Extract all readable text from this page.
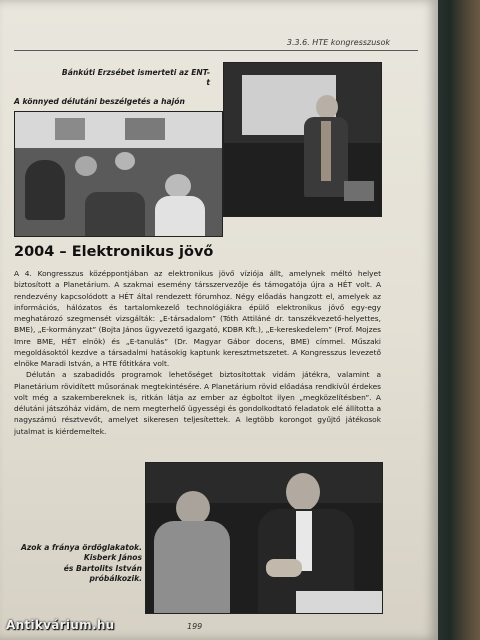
3.3.6. HTE kongresszusok
Bánkúti Erzsébet ismerteti az ENT-t
A könnyed délutáni beszélgetés a hajón
2004 – Elektronikus jövő

A 4. Kongresszus középpontjában az elektronikus jövő víziója állt, amelynek méltó helyet biztosított a Planetárium. A szakmai esemény társszervezője és támogatója újra a HÉT volt. A rendezvény kapcsolódott a HÉT által rendezett fórumhoz. Négy előadás hangzott el, amelyek az információs, hálózatos és tartalomkezelő technológiákra épülő elektronikus jövő egy-egy meghatározó szegmensét vizsgálták: „E-társadalom” (Tóth Attiláné dr. tanszékvezető-helyettes, BME), „E-kormányzat” (Bojta János ügyvezető igazgató, KDBR Kft.), „E-kereskedelem” (Prof. Mojzes Imre BME, HÉT elnök) és „E-tanulás” (Dr. Magyar Gábor docens, BME) címmel. Műszaki megoldásoktól kezdve a társadalmi hatásokig kaptunk keresztmetszetet. A Kongresszus levezető elnöke Maradi István, a HTE főtitkára volt.

Délután a szabadidős programok lehetőséget biztosítottak vidám játékra, valamint a Planetárium rövidített műsorának megtekintésére. A Planetárium rövid előadása rendkívül érdekes volt még a szakembereknek is, ritkán látja az ember az égboltot ilyen „megközelítésben”. A délutáni játszóház vidám, de nem megterhelő ügyességi és gondolkodtató feladatok elé állította a nagyszámú résztvevőt, amelyet sikeresen teljesítettek. A legtöbb korongot gyűjtő játékosok jutalmat is kiérdemeltek.

Azok a fránya ördöglakatok.
Kisberk János
és Bartolits István próbálkozik.
199
Antikvárium.hu
